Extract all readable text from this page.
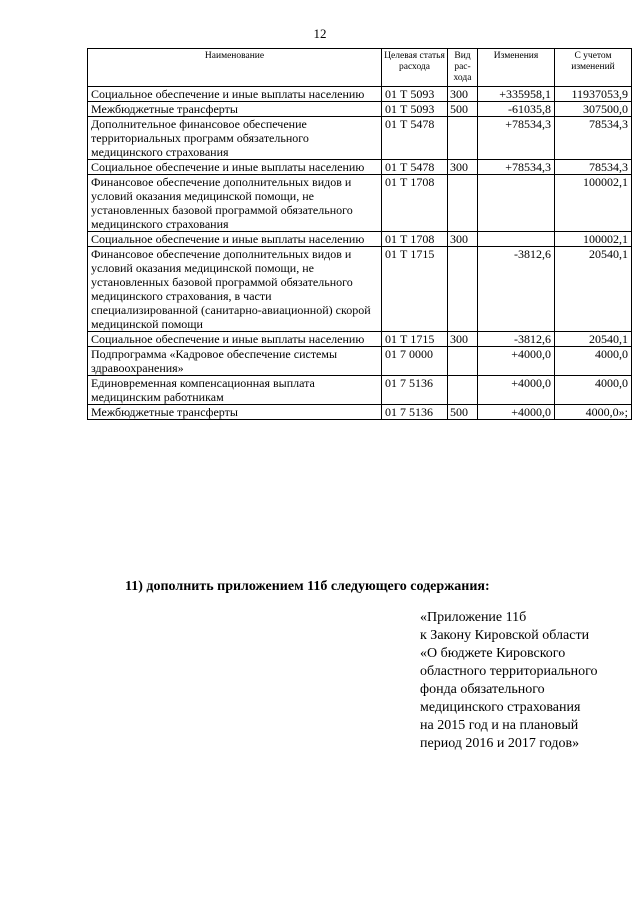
12
Наименование	Целевая статья расхода	Вид рас-хода	Изменения	С учетом изменений
Социальное обеспечение и иные выплаты населению	01 Т 5093	300	+335958,1	11937053,9
Межбюджетные трансферты	01 Т 5093	500	-61035,8	307500,0
Дополнительное финансовое обеспечение территориальных программ обязательного медицинского страхования	01 Т 5478		+78534,3	78534,3
Социальное обеспечение и иные выплаты населению	01 Т 5478	300	+78534,3	78534,3
Финансовое обеспечение дополнительных видов и условий оказания медицинской помощи, не установленных базовой программой обязательного медицинского страхования	01 Т 1708			100002,1
Социальное обеспечение и иные выплаты населению	01 Т 1708	300		100002,1
Финансовое обеспечение дополнительных видов и условий оказания медицинской помощи, не установленных базовой программой обязательного медицинского страхования, в части специализированной (санитарно-авиационной) скорой медицинской помощи	01 Т 1715		-3812,6	20540,1
Социальное обеспечение и иные выплаты населению	01 Т 1715	300	-3812,6	20540,1
Подпрограмма «Кадровое обеспечение системы здравоохранения»	01 7 0000		+4000,0	4000,0
Единовременная компенсационная выплата медицинским работникам	01 7 5136		+4000,0	4000,0
Межбюджетные трансферты	01 7 5136	500	+4000,0	4000,0»;
11) дополнить приложением 11б следующего содержания:
«Приложение 11б
к Закону Кировской области
«О бюджете Кировского
областного территориального
фонда обязательного
медицинского страхования
на 2015 год и на плановый
период 2016 и 2017 годов»
